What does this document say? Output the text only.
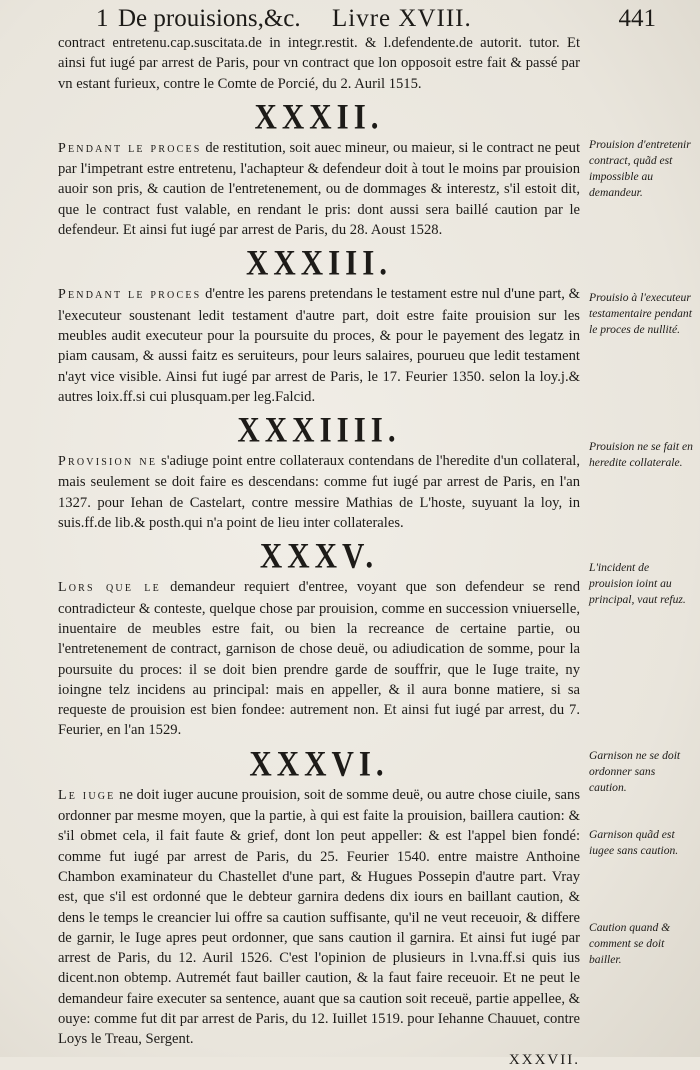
1 De prouisions,&c. Livre XVIII.	441

contract entretenu.cap.suscitata.de in integr.restit. & l.defendente.de autorit. tutor. Et ainsi fut iugé par arrest de Paris, pour vn contract que lon opposoit estre fait & passé par vn estant furieux, contre le Comte de Porcié, du 2. Auril 1515.

XXXII.

Pendant le proces de restitution, soit auec mineur, ou maieur, si le contract ne peut par l'impetrant estre entretenu, l'achapteur & defendeur doit à tout le moins par prouision auoir son pris, & caution de l'entretenement, ou de dommages & interestz, s'il estoit dit, que le contract fust valable, en rendant le pris: dont aussi sera baillé caution par le defendeur. Et ainsi fut iugé par arrest de Paris, du 28. Aoust 1528.

XXXIII.

Pendant le proces d'entre les parens pretendans le testament estre nul d'une part, & l'executeur soustenant ledit testament d'autre part, doit estre faite prouision sur les meubles audit executeur pour la poursuite du proces, & pour le payement des legatz in piam causam, & aussi faitz es seruiteurs, pour leurs salaires, pourueu que ledit testament n'ayt vice visible. Ainsi fut iugé par arrest de Paris, le 17. Feurier 1350. selon la loy.j.& autres loix.ff.si cui plusquam.per leg.Falcid.

XXXIIII.

Provision ne s'adiuge point entre collateraux contendans de l'heredite d'un collateral, mais seulement se doit faire es descendans: comme fut iugé par arrest de Paris, en l'an 1327. pour Iehan de Castelart, contre messire Mathias de L'hoste, suyuant la loy, in suis.ff.de lib.& posth.qui n'a point de lieu inter collaterales.

XXXV.

Lors que le demandeur requiert d'entree, voyant que son defendeur se rend contradicteur & conteste, quelque chose par prouision, comme en succession vniuerselle, inuentaire de meubles estre fait, ou bien la recreance de certaine partie, ou l'entretenement de contract, garnison de chose deuë, ou adiudication de somme, pour la poursuite du proces: il se doit bien prendre garde de souffrir, que le Iuge traite, ny ioingne telz incidens au principal: mais en appeller, & il aura bonne matiere, si sa requeste de prouision est bien fondee: autrement non. Et ainsi fut iugé par arrest, du 7. Feurier, en l'an 1529.

XXXVI.

Le iuge ne doit iuger aucune prouision, soit de somme deuë, ou autre chose ciuile, sans ordonner par mesme moyen, que la partie, à qui est faite la prouision, baillera caution: & s'il obmet cela, il fait faute & grief, dont lon peut appeller: & est l'appel bien fondé: comme fut iugé par arrest de Paris, du 25. Feurier 1540. entre maistre Anthoine Chambon examinateur du Chastellet d'une part, & Hugues Possepin d'autre part. Vray est, que s'il est ordonné que le debteur garnira dedens dix iours en baillant caution, & dens le temps le creancier lui offre sa caution suffisante, qu'il ne veut receuoir, & differe de garnir, le Iuge apres peut ordonner, que sans caution il garnira. Et ainsi fut iugé par arrest de Paris, du 12. Auril 1526. C'est l'opinion de plusieurs in l.vna.ff.si quis ius dicent.non obtemp. Autremét faut bailler caution, & la faut faire receuoir. Et ne peut le demandeur faire executer sa sentence, auant que sa caution soit receuë, partie appellee, & ouye: comme fut dit par arrest de Paris, du 12. Iuillet 1519. pour Iehanne Chauuet, contre Loys le Treau, Sergent.

XXXVII.

Prouision d'entretenir contract, quãd est impossible au demandeur.

Prouisio à l'executeur testamentaire pendant le proces de nullité.

Prouision ne se fait en heredite collaterale.

L'incident de prouision ioint au principal, vaut refuz.

Garnison ne se doit ordonner sans caution.

Garnison quãd est iugee sans caution.

Caution quand & comment se doit bailler.
